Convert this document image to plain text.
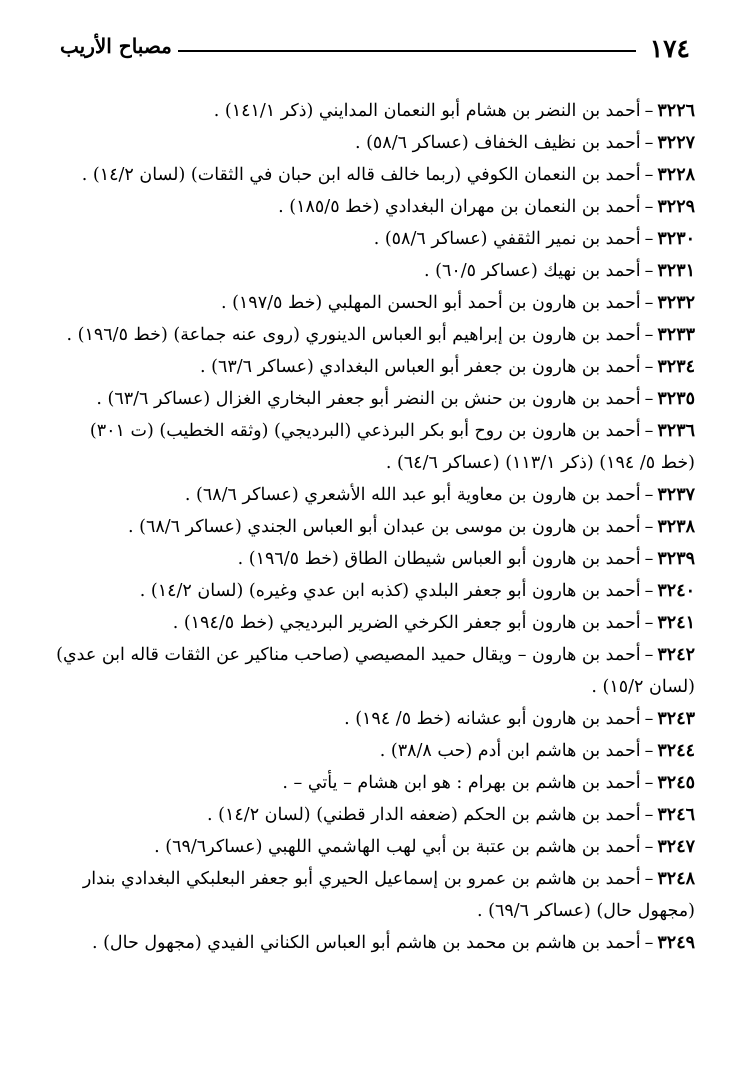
١٧٤
مصباح الأريب
٣٢٢٦–أحمد بن النضر بن هشام أبو النعمان المدايني (ذكر ١٤١/١) .
٣٢٢٧–أحمد بن نظيف الخفاف (عساكر ٥٨/٦) .
٣٢٢٨–أحمد بن النعمان الكوفي (ربما خالف قاله ابن حبان في الثقات) (لسان ١٤/٢) .
٣٢٢٩–أحمد بن النعمان بن مهران البغدادي (خط ١٨٥/٥) .
٣٢٣٠–أحمد بن نمير الثقفي (عساكر ٥٨/٦) .
٣٢٣١–أحمد بن نهيك (عساكر ٦٠/٥) .
٣٢٣٢–أحمد بن هارون بن أحمد أبو الحسن المهلبي (خط ١٩٧/٥) .
٣٢٣٣–أحمد بن هارون بن إبراهيم أبو العباس الدينوري (روى عنه جماعة) (خط ١٩٦/٥) .
٣٢٣٤–أحمد بن هارون بن جعفر أبو العباس البغدادي (عساكر ٦٣/٦) .
٣٢٣٥–أحمد بن هارون بن حنش بن النضر أبو جعفر البخاري الغزال (عساكر ٦٣/٦) .
٣٢٣٦–أحمد بن هارون بن روح أبو بكر البرذعي (البرديجي) (وثقه الخطيب) (ت ٣٠١) (خط ٥/ ١٩٤) (ذكر ١١٣/١) (عساكر ٦٤/٦) .
٣٢٣٧–أحمد بن هارون بن معاوية أبو عبد الله الأشعري (عساكر ٦٨/٦) .
٣٢٣٨–أحمد بن هارون بن موسى بن عبدان أبو العباس الجندي (عساكر ٦٨/٦) .
٣٢٣٩–أحمد بن هارون أبو العباس شيطان الطاق (خط ١٩٦/٥) .
٣٢٤٠–أحمد بن هارون أبو جعفر البلدي (كذبه ابن عدي وغيره) (لسان ١٤/٢) .
٣٢٤١–أحمد بن هارون أبو جعفر الكرخي الضرير البرديجي (خط ١٩٤/٥) .
٣٢٤٢–أحمد بن هارون – ويقال حميد المصيصي (صاحب مناكير عن الثقات قاله ابن عدي) (لسان ١٥/٢) .
٣٢٤٣–أحمد بن هارون أبو عشانه (خط ٥/ ١٩٤) .
٣٢٤٤–أحمد بن هاشم ابن أدم (حب ٣٨/٨) .
٣٢٤٥–أحمد بن هاشم بن بهرام : هو ابن هشام – يأتي – .
٣٢٤٦–أحمد بن هاشم بن الحكم (ضعفه الدار قطني) (لسان ١٤/٢) .
٣٢٤٧–أحمد بن هاشم بن عتبة بن أبي لهب الهاشمي اللهبي (عساكر٦٩/٦) .
٣٢٤٨–أحمد بن هاشم بن عمرو بن إسماعيل الحيري أبو جعفر البعلبكي البغدادي بندار (مجهول حال) (عساكر ٦٩/٦) .
٣٢٤٩–أحمد بن هاشم بن محمد بن هاشم أبو العباس الكناني الفيدي (مجهول حال) .
